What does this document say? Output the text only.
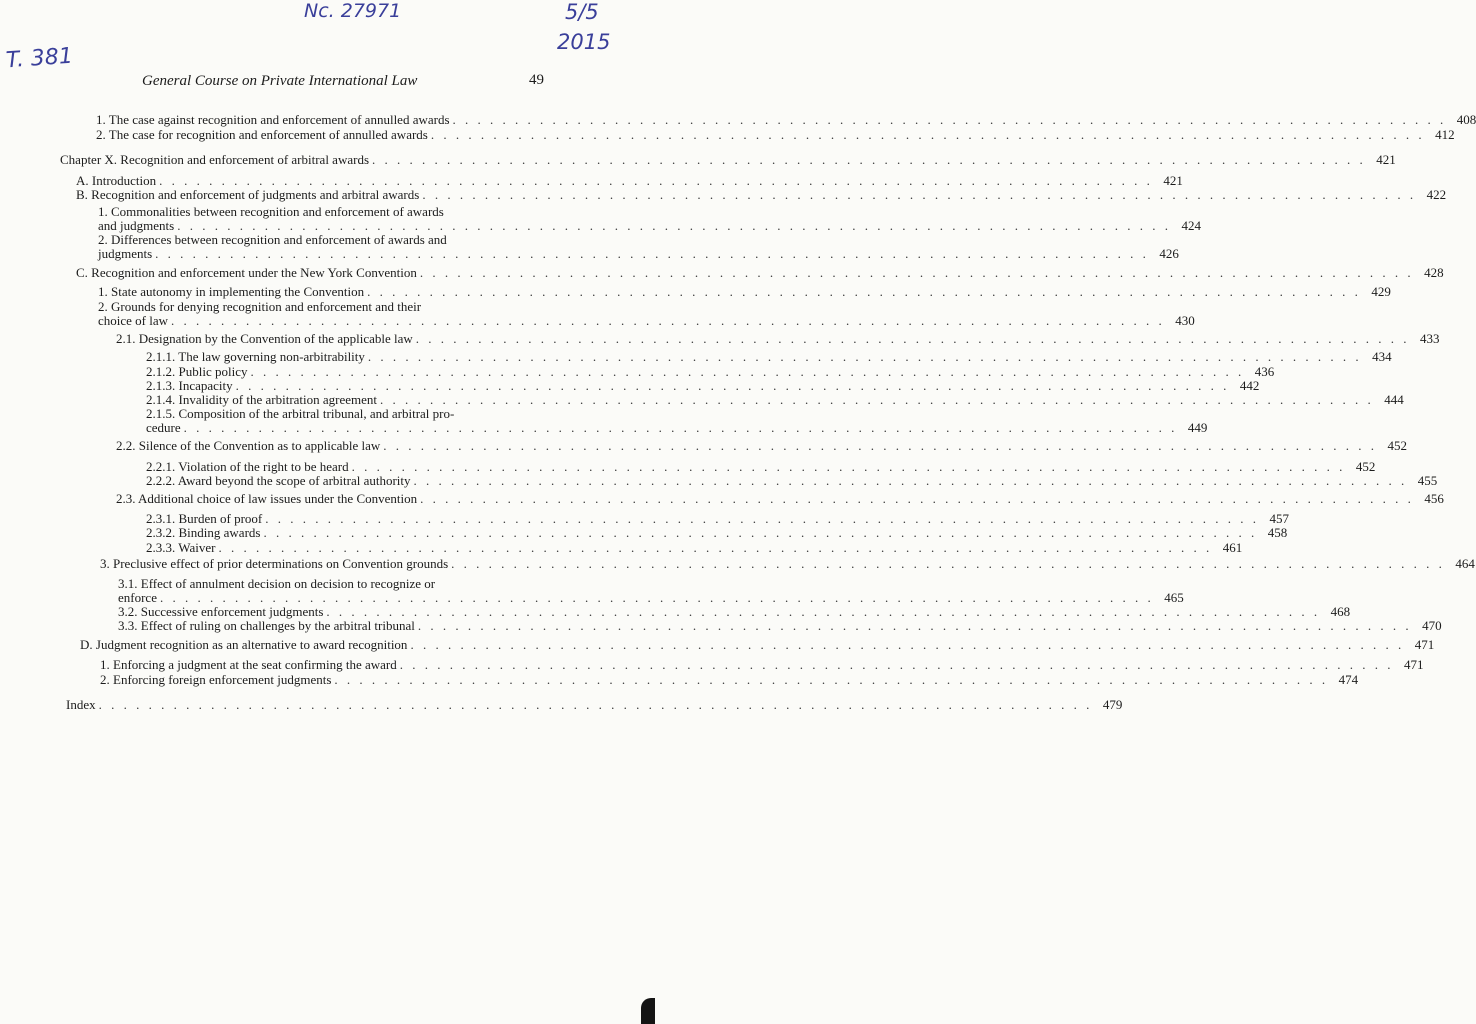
Nc. 27971
T. 381
5/5
2015
General Course on Private International Law	49
1. The case against recognition and enforcement of annulled awards . . . . . . . . . . . . . . . . . . . . . . . . . . . . . . . . . . . . . . . . . . . . . . . . . . . . . . . . . . . . . . . . . . . . . . . . . . . . . . . . 408
2. The case for recognition and enforcement of annulled awards . . . . . . . . . . . . . . . . . . . . . . . . . . . . . . . . . . . . . . . . . . . . . . . . . . . . . . . . . . . . . . . . . . . . . . . . . . . . . . . . 412
Chapter X. Recognition and enforcement of arbitral awards . . . . . . . . . . . . . . . . . . . . . . . . . . . . . . . . . . . . . . . . . . . . . . . . . . . . . . . . . . . . . . . . . . . . . . . . . . . . . . . . 421
A. Introduction . . . . . . . . . . . . . . . . . . . . . . . . . . . . . . . . . . . . . . . . . . . . . . . . . . . . . . . . . . . . . . . . . . . . . . . . . . . . . . . . 421
B. Recognition and enforcement of judgments and arbitral awards . . . . . . . . . . . . . . . . . . . . . . . . . . . . . . . . . . . . . . . . . . . . . . . . . . . . . . . . . . . . . . . . . . . . . . . . . . . . . . . . 422
1. Commonalities between recognition and enforcement of awards
and judgments . . . . . . . . . . . . . . . . . . . . . . . . . . . . . . . . . . . . . . . . . . . . . . . . . . . . . . . . . . . . . . . . . . . . . . . . . . . . . . . . 424
2. Differences between recognition and enforcement of awards and
judgments . . . . . . . . . . . . . . . . . . . . . . . . . . . . . . . . . . . . . . . . . . . . . . . . . . . . . . . . . . . . . . . . . . . . . . . . . . . . . . . . 426
C. Recognition and enforcement under the New York Convention . . . . . . . . . . . . . . . . . . . . . . . . . . . . . . . . . . . . . . . . . . . . . . . . . . . . . . . . . . . . . . . . . . . . . . . . . . . . . . . . 428
1. State autonomy in implementing the Convention . . . . . . . . . . . . . . . . . . . . . . . . . . . . . . . . . . . . . . . . . . . . . . . . . . . . . . . . . . . . . . . . . . . . . . . . . . . . . . . . 429
2. Grounds for denying recognition and enforcement and their
choice of law . . . . . . . . . . . . . . . . . . . . . . . . . . . . . . . . . . . . . . . . . . . . . . . . . . . . . . . . . . . . . . . . . . . . . . . . . . . . . . . . 430
2.1. Designation by the Convention of the applicable law . . . . . . . . . . . . . . . . . . . . . . . . . . . . . . . . . . . . . . . . . . . . . . . . . . . . . . . . . . . . . . . . . . . . . . . . . . . . . . . . 433
2.1.1. The law governing non-arbitrability . . . . . . . . . . . . . . . . . . . . . . . . . . . . . . . . . . . . . . . . . . . . . . . . . . . . . . . . . . . . . . . . . . . . . . . . . . . . . . . . 434
2.1.2. Public policy . . . . . . . . . . . . . . . . . . . . . . . . . . . . . . . . . . . . . . . . . . . . . . . . . . . . . . . . . . . . . . . . . . . . . . . . . . . . . . . . 436
2.1.3. Incapacity . . . . . . . . . . . . . . . . . . . . . . . . . . . . . . . . . . . . . . . . . . . . . . . . . . . . . . . . . . . . . . . . . . . . . . . . . . . . . . . . 442
2.1.4. Invalidity of the arbitration agreement . . . . . . . . . . . . . . . . . . . . . . . . . . . . . . . . . . . . . . . . . . . . . . . . . . . . . . . . . . . . . . . . . . . . . . . . . . . . . . . . 444
2.1.5. Composition of the arbitral tribunal, and arbitral pro-
cedure . . . . . . . . . . . . . . . . . . . . . . . . . . . . . . . . . . . . . . . . . . . . . . . . . . . . . . . . . . . . . . . . . . . . . . . . . . . . . . . . 449
2.2. Silence of the Convention as to applicable law . . . . . . . . . . . . . . . . . . . . . . . . . . . . . . . . . . . . . . . . . . . . . . . . . . . . . . . . . . . . . . . . . . . . . . . . . . . . . . . . 452
2.2.1. Violation of the right to be heard . . . . . . . . . . . . . . . . . . . . . . . . . . . . . . . . . . . . . . . . . . . . . . . . . . . . . . . . . . . . . . . . . . . . . . . . . . . . . . . . 452
2.2.2. Award beyond the scope of arbitral authority . . . . . . . . . . . . . . . . . . . . . . . . . . . . . . . . . . . . . . . . . . . . . . . . . . . . . . . . . . . . . . . . . . . . . . . . . . . . . . . . 455
2.3. Additional choice of law issues under the Convention . . . . . . . . . . . . . . . . . . . . . . . . . . . . . . . . . . . . . . . . . . . . . . . . . . . . . . . . . . . . . . . . . . . . . . . . . . . . . . . . 456
2.3.1. Burden of proof . . . . . . . . . . . . . . . . . . . . . . . . . . . . . . . . . . . . . . . . . . . . . . . . . . . . . . . . . . . . . . . . . . . . . . . . . . . . . . . . 457
2.3.2. Binding awards . . . . . . . . . . . . . . . . . . . . . . . . . . . . . . . . . . . . . . . . . . . . . . . . . . . . . . . . . . . . . . . . . . . . . . . . . . . . . . . . 458
2.3.3. Waiver . . . . . . . . . . . . . . . . . . . . . . . . . . . . . . . . . . . . . . . . . . . . . . . . . . . . . . . . . . . . . . . . . . . . . . . . . . . . . . . . 461
3. Preclusive effect of prior determinations on Convention grounds . . . . . . . . . . . . . . . . . . . . . . . . . . . . . . . . . . . . . . . . . . . . . . . . . . . . . . . . . . . . . . . . . . . . . . . . . . . . . . . . 464
3.1. Effect of annulment decision on decision to recognize or
enforce . . . . . . . . . . . . . . . . . . . . . . . . . . . . . . . . . . . . . . . . . . . . . . . . . . . . . . . . . . . . . . . . . . . . . . . . . . . . . . . . 465
3.2. Successive enforcement judgments . . . . . . . . . . . . . . . . . . . . . . . . . . . . . . . . . . . . . . . . . . . . . . . . . . . . . . . . . . . . . . . . . . . . . . . . . . . . . . . . 468
3.3. Effect of ruling on challenges by the arbitral tribunal . . . . . . . . . . . . . . . . . . . . . . . . . . . . . . . . . . . . . . . . . . . . . . . . . . . . . . . . . . . . . . . . . . . . . . . . . . . . . . . . 470
D. Judgment recognition as an alternative to award recognition . . . . . . . . . . . . . . . . . . . . . . . . . . . . . . . . . . . . . . . . . . . . . . . . . . . . . . . . . . . . . . . . . . . . . . . . . . . . . . . . 471
1. Enforcing a judgment at the seat confirming the award . . . . . . . . . . . . . . . . . . . . . . . . . . . . . . . . . . . . . . . . . . . . . . . . . . . . . . . . . . . . . . . . . . . . . . . . . . . . . . . . 471
2. Enforcing foreign enforcement judgments . . . . . . . . . . . . . . . . . . . . . . . . . . . . . . . . . . . . . . . . . . . . . . . . . . . . . . . . . . . . . . . . . . . . . . . . . . . . . . . . 474
Index . . . . . . . . . . . . . . . . . . . . . . . . . . . . . . . . . . . . . . . . . . . . . . . . . . . . . . . . . . . . . . . . . . . . . . . . . . . . . . . . 479
